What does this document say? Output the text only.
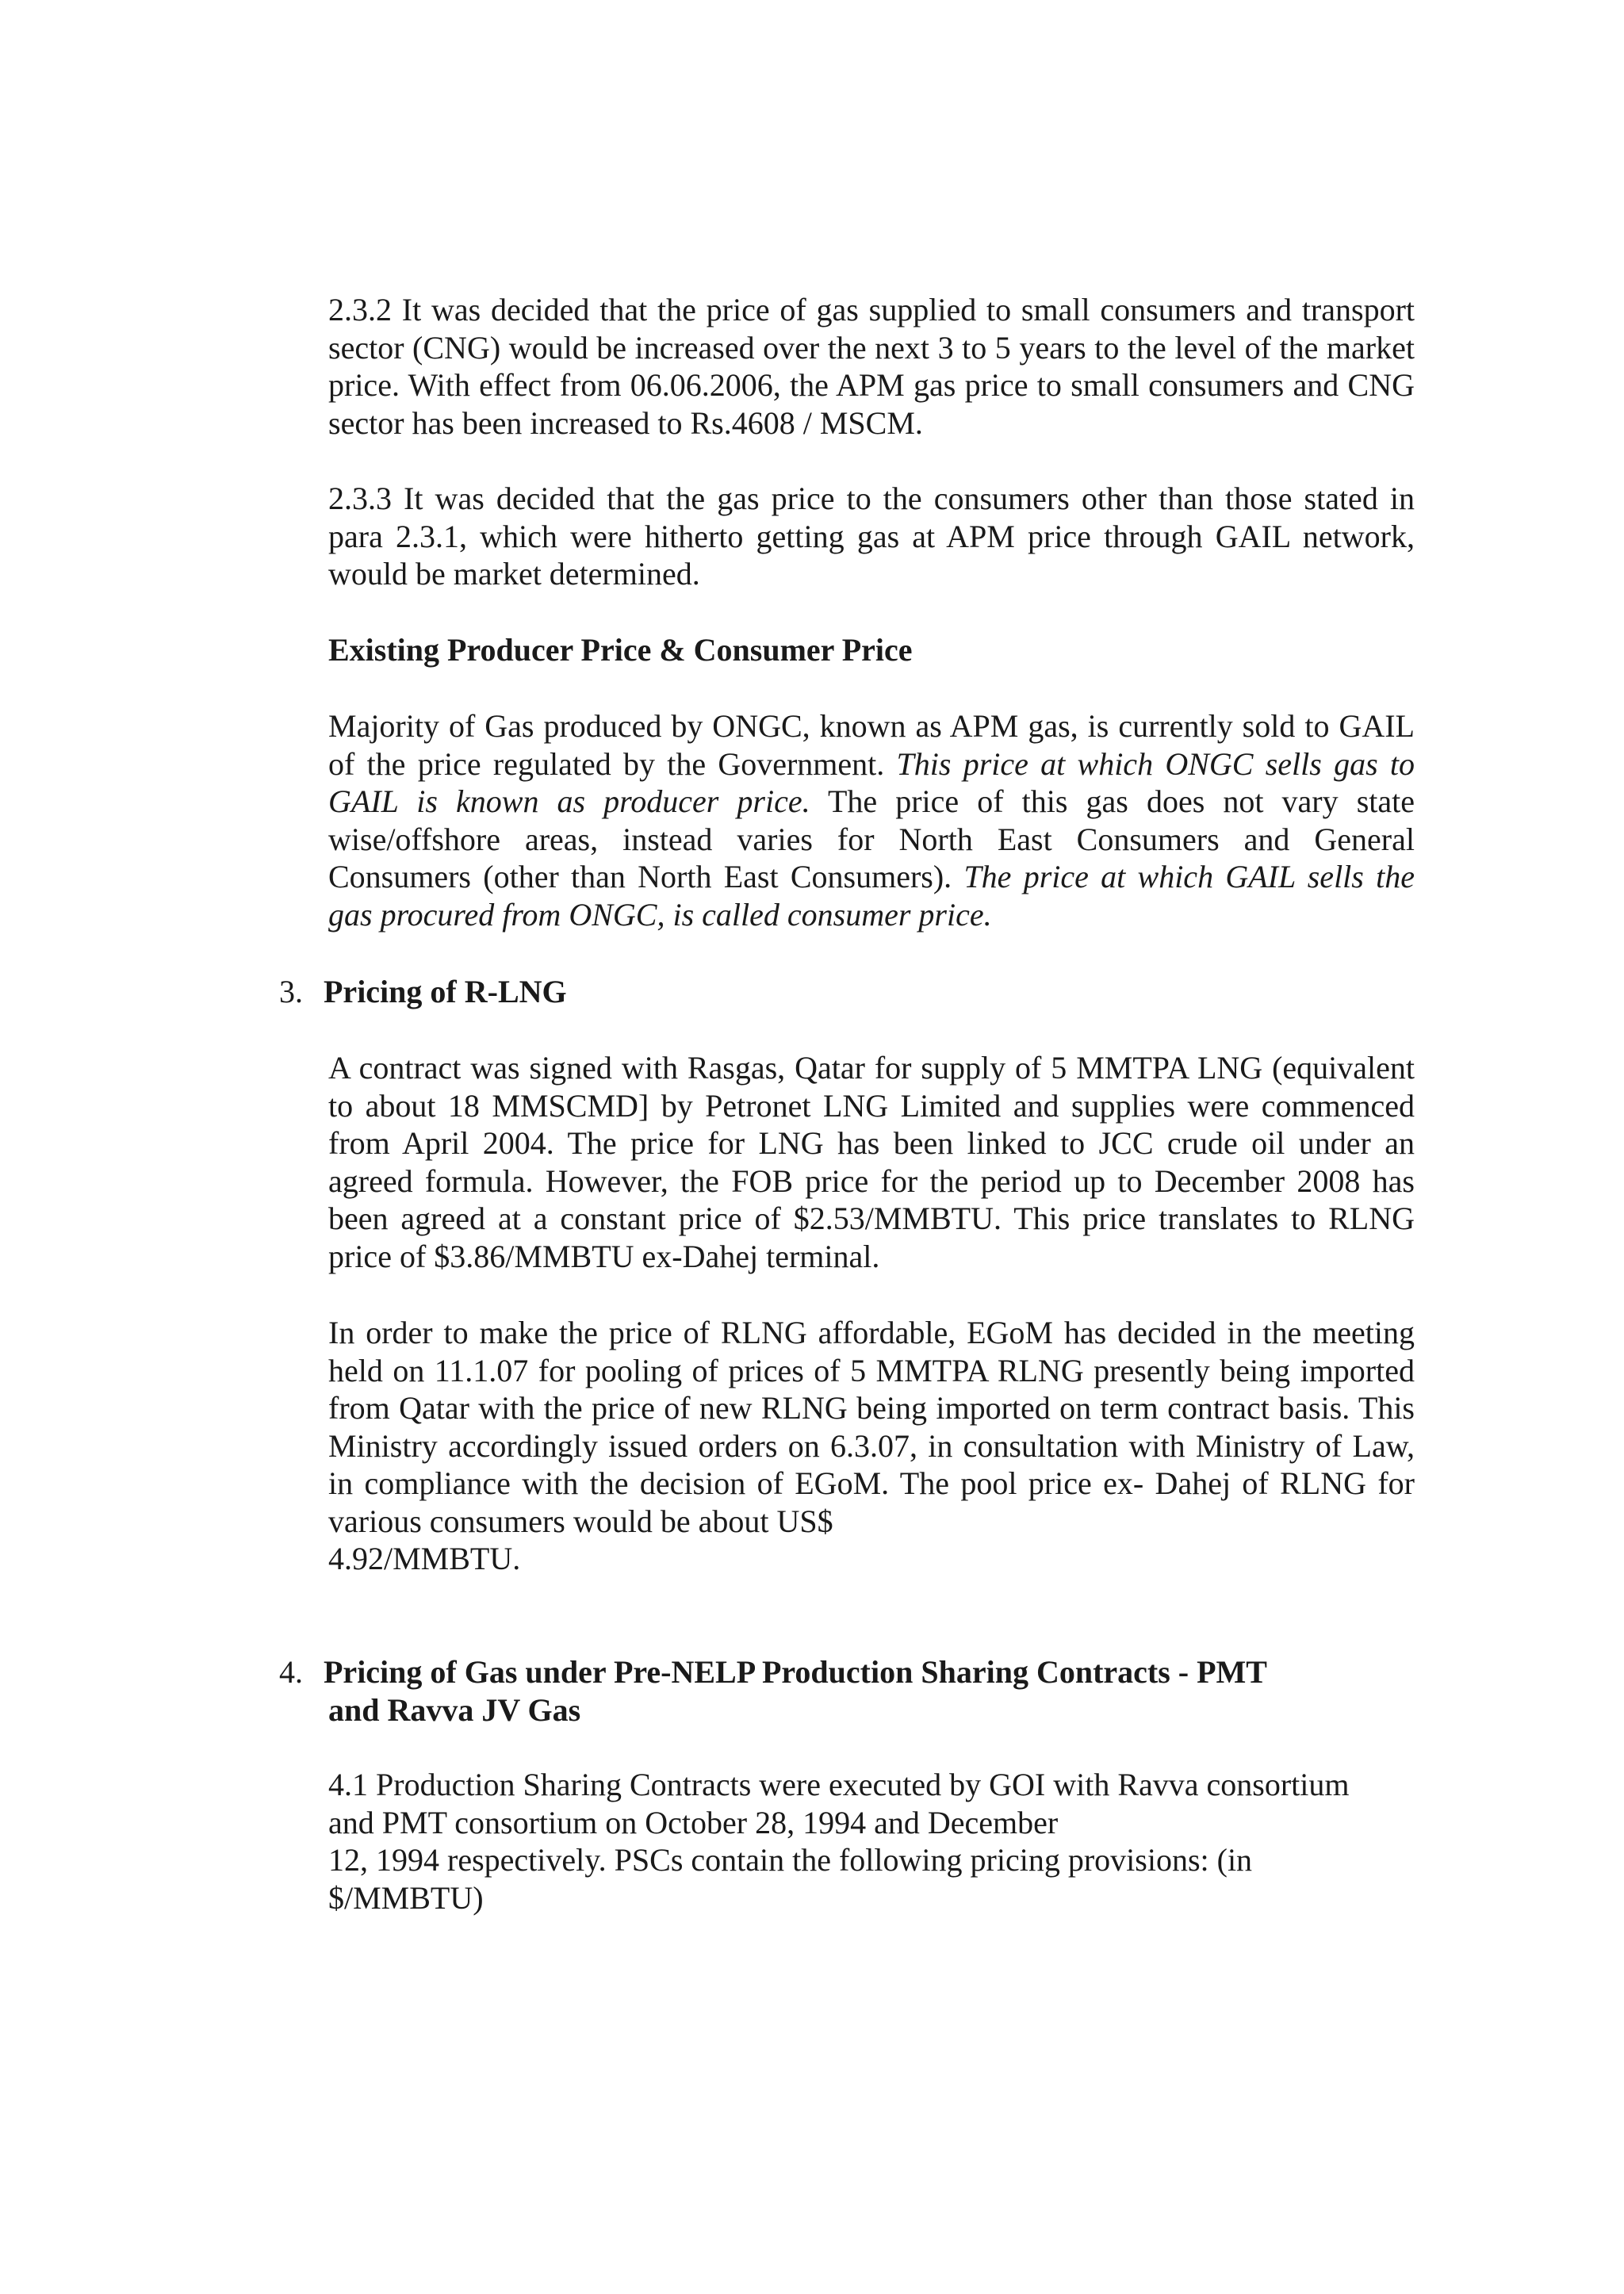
2.3.2 It was decided that the price of gas supplied to small consumers and transport sector (CNG) would be increased over the next 3 to 5 years to the level of the market price. With effect from 06.06.2006, the APM gas price to small consumers and CNG sector has been increased to Rs.4608 / MSCM.
2.3.3 It was decided that the gas price to the consumers other than those stated in para 2.3.1, which were hitherto getting gas at APM price through GAIL network, would be market determined.
Existing Producer Price & Consumer Price
Majority of Gas produced by ONGC, known as APM gas, is currently sold to GAIL of the price regulated by the Government. This price at which ONGC sells gas to GAIL is known as producer price. The price of this gas does not vary state wise/offshore areas, instead varies for North East Consumers and General Consumers (other than North East Consumers). The price at which GAIL sells the gas procured from ONGC, is called consumer price.
3. Pricing of R-LNG
A contract was signed with Rasgas, Qatar for supply of 5 MMTPA LNG (equivalent to about 18 MMSCMD] by Petronet LNG Limited and supplies were commenced from April 2004. The price for LNG has been linked to JCC crude oil under an agreed formula. However, the FOB price for the period up to December 2008 has been agreed at a constant price of $2.53/MMBTU. This price translates to RLNG price of $3.86/MMBTU ex-Dahej terminal.
In order to make the price of RLNG affordable, EGoM has decided in the meeting held on 11.1.07 for pooling of prices of 5 MMTPA RLNG presently being imported from Qatar with the price of new RLNG being imported on term contract basis. This Ministry accordingly issued orders on 6.3.07, in consultation with Ministry of Law, in compliance with the decision of EGoM. The pool price ex- Dahej of RLNG for various consumers would be about US$
4.92/MMBTU.
4. Pricing of Gas under Pre-NELP Production Sharing Contracts - PMT
and Ravva JV Gas
4.1 Production Sharing Contracts were executed by GOI with Ravva consortium
and PMT consortium on October 28, 1994 and December
12, 1994 respectively. PSCs contain the following pricing provisions: (in
$/MMBTU)
